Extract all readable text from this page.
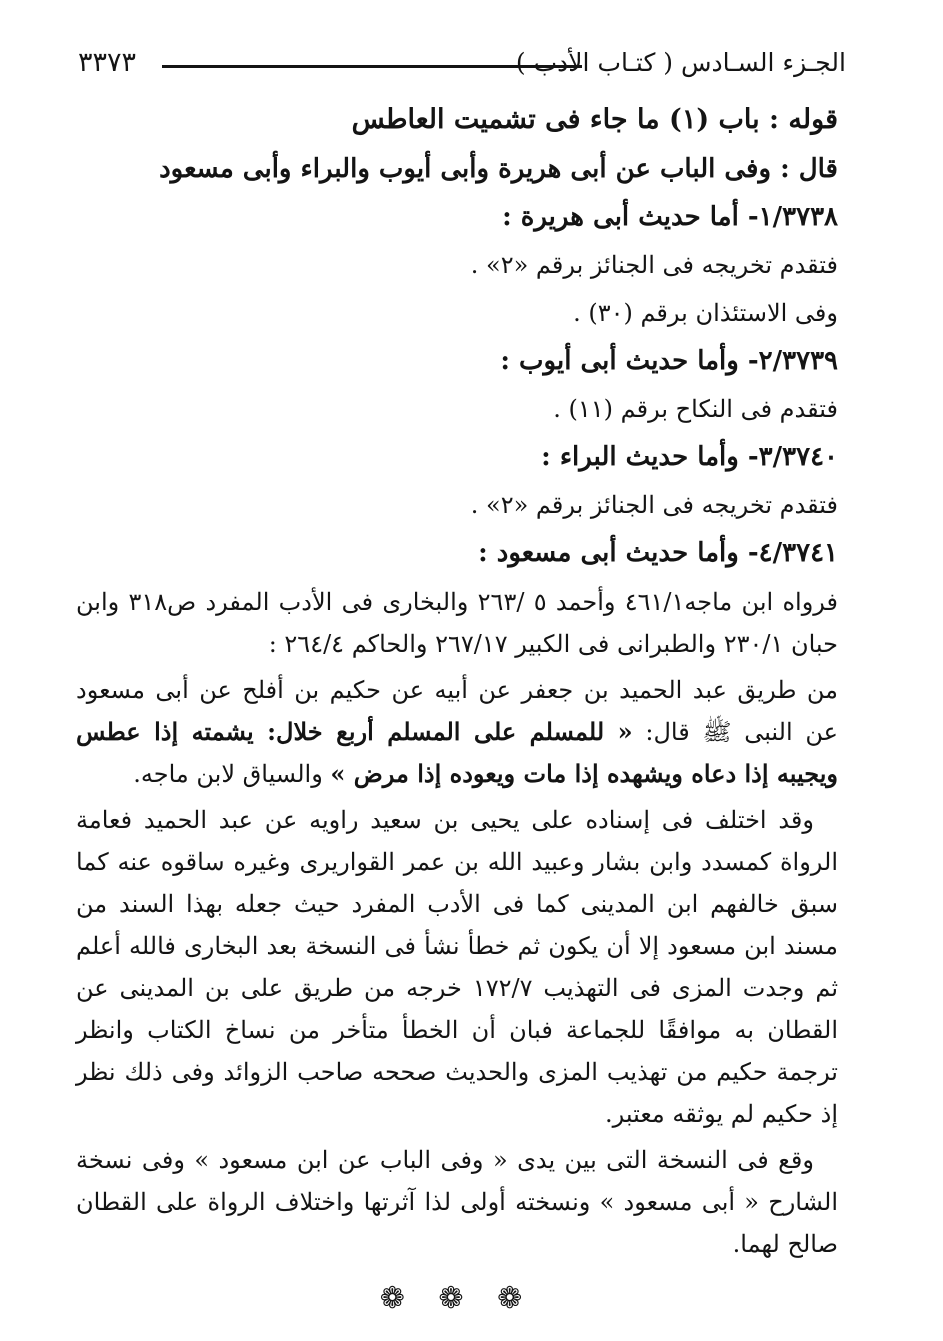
٣٣٧٣	الجـزء السـادس ( كتـاب الأدب )

قوله : باب (١) ما جاء فى تشميت العاطس

قال : وفى الباب عن أبى هريرة وأبى أيوب والبراء وأبى مسعود

١/٣٧٣٨- أما حديث أبى هريرة :

فتقدم تخريجه فى الجنائز برقم «٢» .

وفى الاستئذان برقم (٣٠) .

٢/٣٧٣٩- وأما حديث أبى أيوب :

فتقدم فى النكاح برقم (١١) .

٣/٣٧٤٠- وأما حديث البراء :

فتقدم تخريجه فى الجنائز برقم «٢» .

٤/٣٧٤١- وأما حديث أبى مسعود :

فرواه ابن ماجه٤٦١/١ وأحمد ٥ /٢٦٣ والبخارى فى الأدب المفرد ص٣١٨ وابن حبان ٢٣٠/١ والطبرانى فى الكبير ٢٦٧/١٧ والحاكم ٢٦٤/٤ :

من طريق عبد الحميد بن جعفر عن أبيه عن حكيم بن أفلح عن أبى مسعود عن النبى ﷺ قال: « للمسلم على المسلم أربع خلال: يشمته إذا عطس ويجيبه إذا دعاه ويشهده إذا مات ويعوده إذا مرض » والسياق لابن ماجه.

وقد اختلف فى إسناده على يحيى بن سعيد راويه عن عبد الحميد فعامة الرواة كمسدد وابن بشار وعبيد الله بن عمر القواريرى وغيره ساقوه عنه كما سبق خالفهم ابن المدينى كما فى الأدب المفرد حيث جعله بهذا السند من مسند ابن مسعود إلا أن يكون ثم خطأ نشأ فى النسخة بعد البخارى فالله أعلم ثم وجدت المزى فى التهذيب ١٧٢/٧ خرجه من طريق على بن المدينى عن القطان به موافقًا للجماعة فبان أن الخطأ متأخر من نساخ الكتاب وانظر ترجمة حكيم من تهذيب المزى والحديث صححه صاحب الزوائد وفى ذلك نظر إذ حكيم لم يوثقه معتبر.

وقع فى النسخة التى بين يدى « وفى الباب عن ابن مسعود » وفى نسخة الشارح « أبى مسعود » ونسخته أولى لذا آثرتها واختلاف الرواة على القطان صالح لهما.

❁ ❁ ❁
